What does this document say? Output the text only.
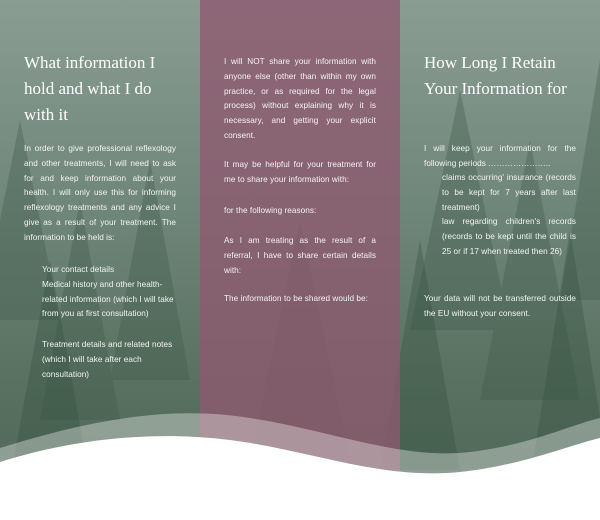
What information I hold and what I do with it
In order to give professional reflexology and other treatments, I will need to ask for and keep information about your health. I will only use this for informing reflexology treatments and any advice I give as a result of your treatment. The information to be held is:
Your contact details
Medical history and other health-related information (which I will take from you at first consultation)
Treatment details and related notes (which I will take after each consultation)
I will NOT share your information with anyone else (other than within my own practice, or as required for the legal process) without explaining why it is necessary, and getting your explicit consent.
It may be helpful for your treatment for me to share your information with:
for the following reasons:
As I am treating as the result of a referral, I have to share certain details with:
The information to be shared would be:
How Long I Retain Your Information for
I will keep your information for the following periods …………………..
claims occurring' insurance (records to be kept for 7 years after last treatment)
law regarding children's records (records to be kept until the child is 25 or if 17 when treated then 26)
Your data will not be transferred outside the EU without your consent.
